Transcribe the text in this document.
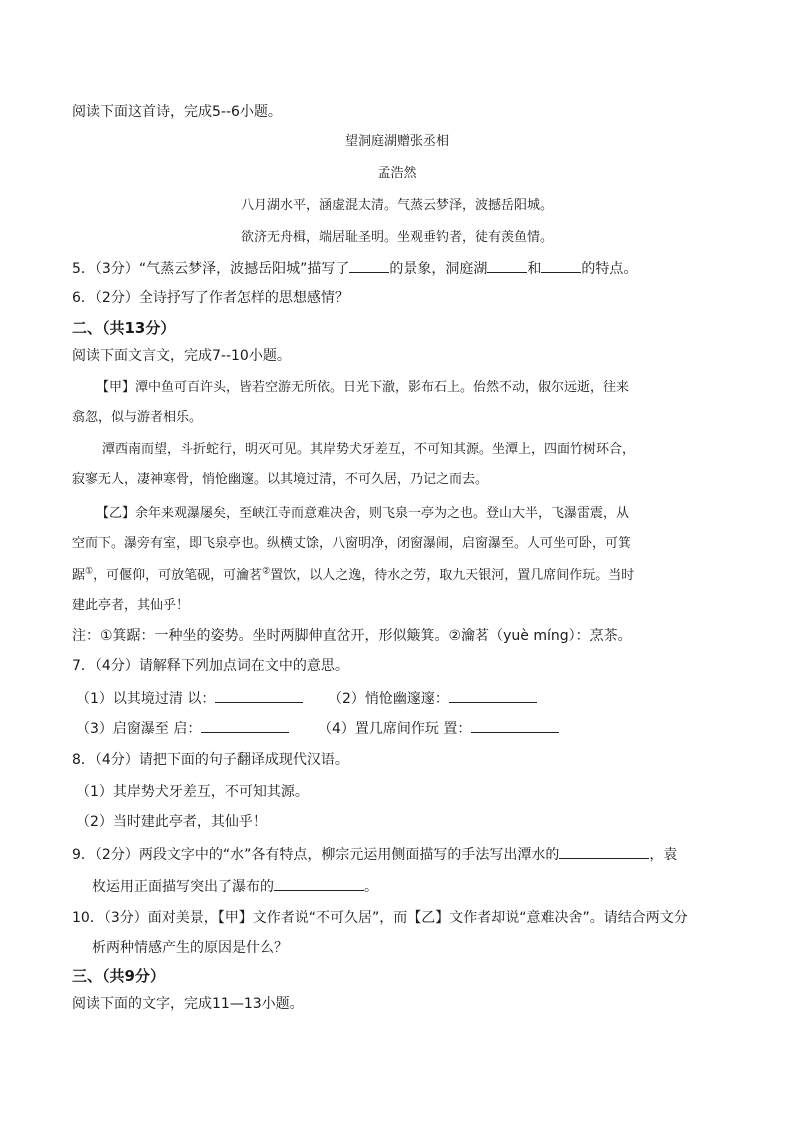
阅读下面这首诗，完成5--6小题。
望洞庭湖赠张丞相
孟浩然
八月湖水平，涵虚混太清。气蒸云梦泽，波撼岳阳城。
欲济无舟楫，端居耻圣明。坐观垂钓者，徒有羡鱼情。
5．（3分）“气蒸云梦泽，波撼岳阳城”描写了	的景象，洞庭湖	和	的特点。
6．（2分）全诗抒写了作者怎样的思想感情？
二、（共13分）
阅读下面文言文，完成7--10小题。
【甲】潭中鱼可百许头，皆若空游无所依。日光下澈，影布石上。佁然不动，俶尔远逝，往来
翕忽，似与游者相乐。
潭西南而望，斗折蛇行，明灭可见。其岸势犬牙差互，不可知其源。坐潭上，四面竹树环合，
寂寥无人，凄神寒骨，悄怆幽邃。以其境过清，不可久居，乃记之而去。
【乙】余年来观瀑屡矣，至峡江寺而意难决舍，则飞泉一亭为之也。登山大半，飞瀑雷震，从
空而下。瀑旁有室，即飞泉亭也。纵横丈馀，八窗明净，闭窗瀑闹，启窗瀑至。人可坐可卧，可箕
踞①，可偃仰，可放笔砚，可瀹茗②置饮，以人之逸，待水之劳，取九天银河，置几席间作玩。当时
建此亭者，其仙乎！
注：①箕踞：一种坐的姿势。坐时两脚伸直岔开，形似簸箕。②瀹茗（yuè míng）：烹茶。
7．（4分）请解释下列加点词在文中的意思。
（1）以其境过清 以：	（2）悄怆幽邃邃：
（3）启窗瀑至 启：	（4）置几席间作玩 置：
8．（4分）请把下面的句子翻译成现代汉语。
（1）其岸势犬牙差互，不可知其源。
（2）当时建此亭者，其仙乎！
9．（2分）两段文字中的“水”各有特点，柳宗元运用侧面描写的手法写出潭水的	，袁
枚运用正面描写突出了瀑布的	。
10．（3分）面对美景，【甲】文作者说“不可久居”，而【乙】文作者却说“意难决舍”。请结合两文分
析两种情感产生的原因是什么？
三、（共9分）
阅读下面的文字，完成11—13小题。
